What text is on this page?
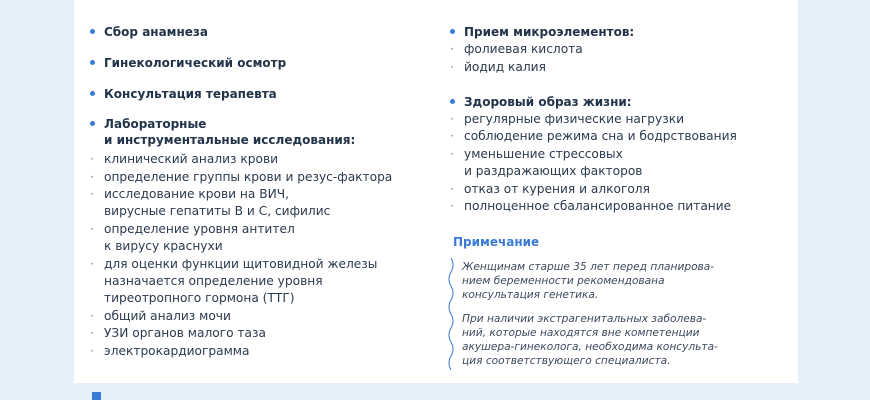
Сбор анамнеза
Гинекологический осмотр
Консультация терапевта
Лабораторные
и инструментальные исследования:
· клинический анализ крови
· определение группы крови и резус-фактора
· исследование крови на ВИЧ,
вирусные гепатиты В и С, сифилис
· определение уровня антител
к вирусу краснухи
· для оценки функции щитовидной железы
назначается определение уровня
тиреотропного гормона (ТТГ)
· общий анализ мочи
· УЗИ органов малого таза
· электрокардиограмма
Прием микроэлементов:
· фолиевая кислота
· йодид калия
Здоровый образ жизни:
· регулярные физические нагрузки
· соблюдение режима сна и бодрствования
· уменьшение стрессовых
и раздражающих факторов
· отказ от курения и алкоголя
· полноценное сбалансированное питание
Примечание
Женщинам старше 35 лет перед планирова-
нием беременности рекомендована
консультация генетика.
При наличии экстрагенитальных заболева-
ний, которые находятся вне компетенции
акушера-гинеколога, необходима консульта-
ция соответствующего специалиста.
